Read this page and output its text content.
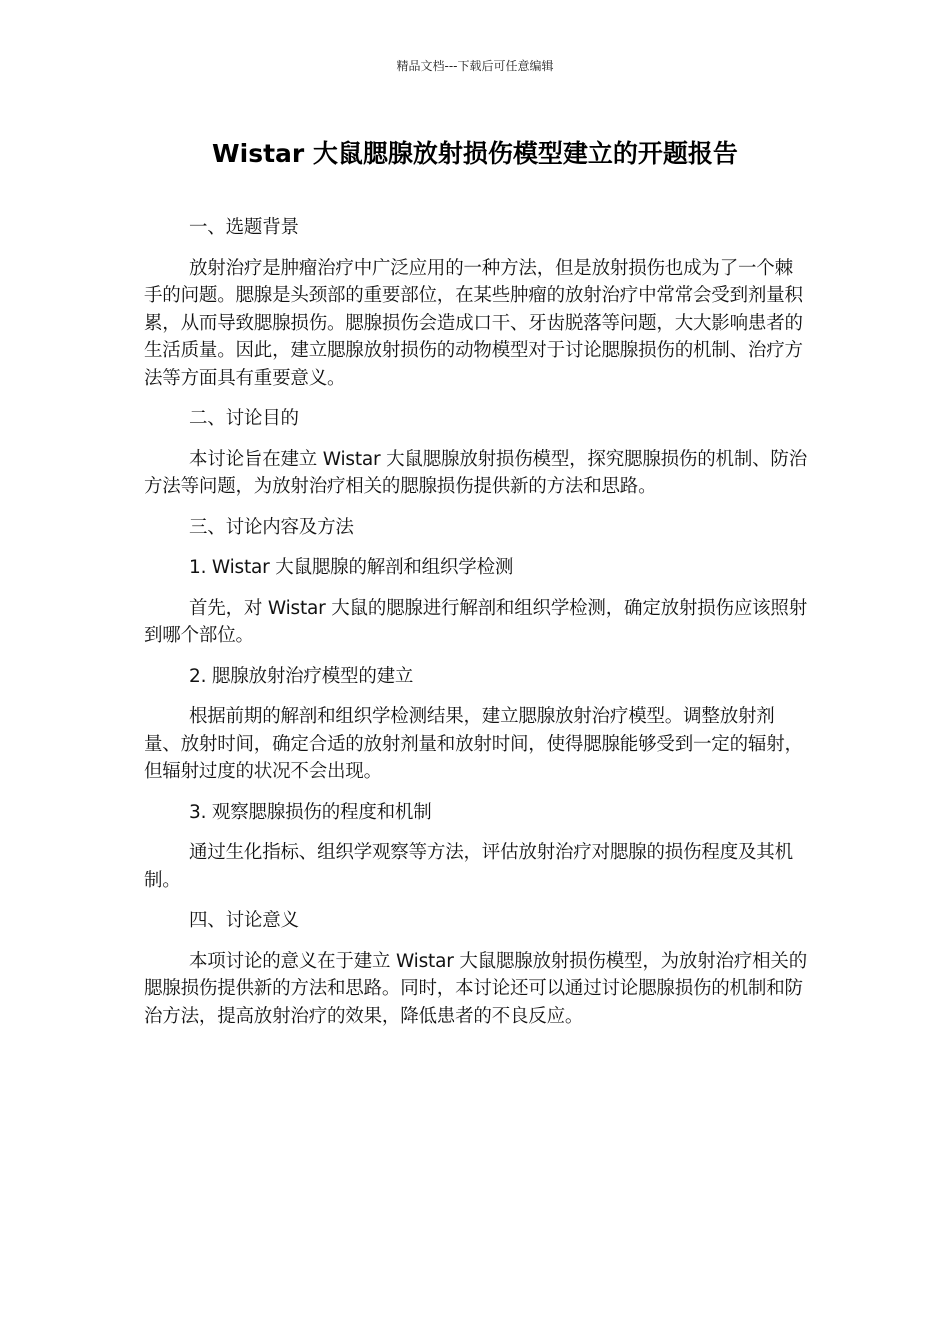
精品文档---下载后可任意编辑
Wistar 大鼠腮腺放射损伤模型建立的开题报告

一、选题背景

放射治疗是肿瘤治疗中广泛应用的一种方法，但是放射损伤也成为了一个棘手的问题。腮腺是头颈部的重要部位，在某些肿瘤的放射治疗中常常会受到剂量积累，从而导致腮腺损伤。腮腺损伤会造成口干、牙齿脱落等问题，大大影响患者的生活质量。因此，建立腮腺放射损伤的动物模型对于讨论腮腺损伤的机制、治疗方法等方面具有重要意义。

二、讨论目的

本讨论旨在建立 Wistar 大鼠腮腺放射损伤模型，探究腮腺损伤的机制、防治方法等问题，为放射治疗相关的腮腺损伤提供新的方法和思路。

三、讨论内容及方法

1. Wistar 大鼠腮腺的解剖和组织学检测

首先，对 Wistar 大鼠的腮腺进行解剖和组织学检测，确定放射损伤应该照射到哪个部位。

2. 腮腺放射治疗模型的建立

根据前期的解剖和组织学检测结果，建立腮腺放射治疗模型。调整放射剂量、放射时间，确定合适的放射剂量和放射时间，使得腮腺能够受到一定的辐射，但辐射过度的状况不会出现。

3. 观察腮腺损伤的程度和机制

通过生化指标、组织学观察等方法，评估放射治疗对腮腺的损伤程度及其机制。

四、讨论意义

本项讨论的意义在于建立 Wistar 大鼠腮腺放射损伤模型，为放射治疗相关的腮腺损伤提供新的方法和思路。同时，本讨论还可以通过讨论腮腺损伤的机制和防治方法，提高放射治疗的效果，降低患者的不良反应。
